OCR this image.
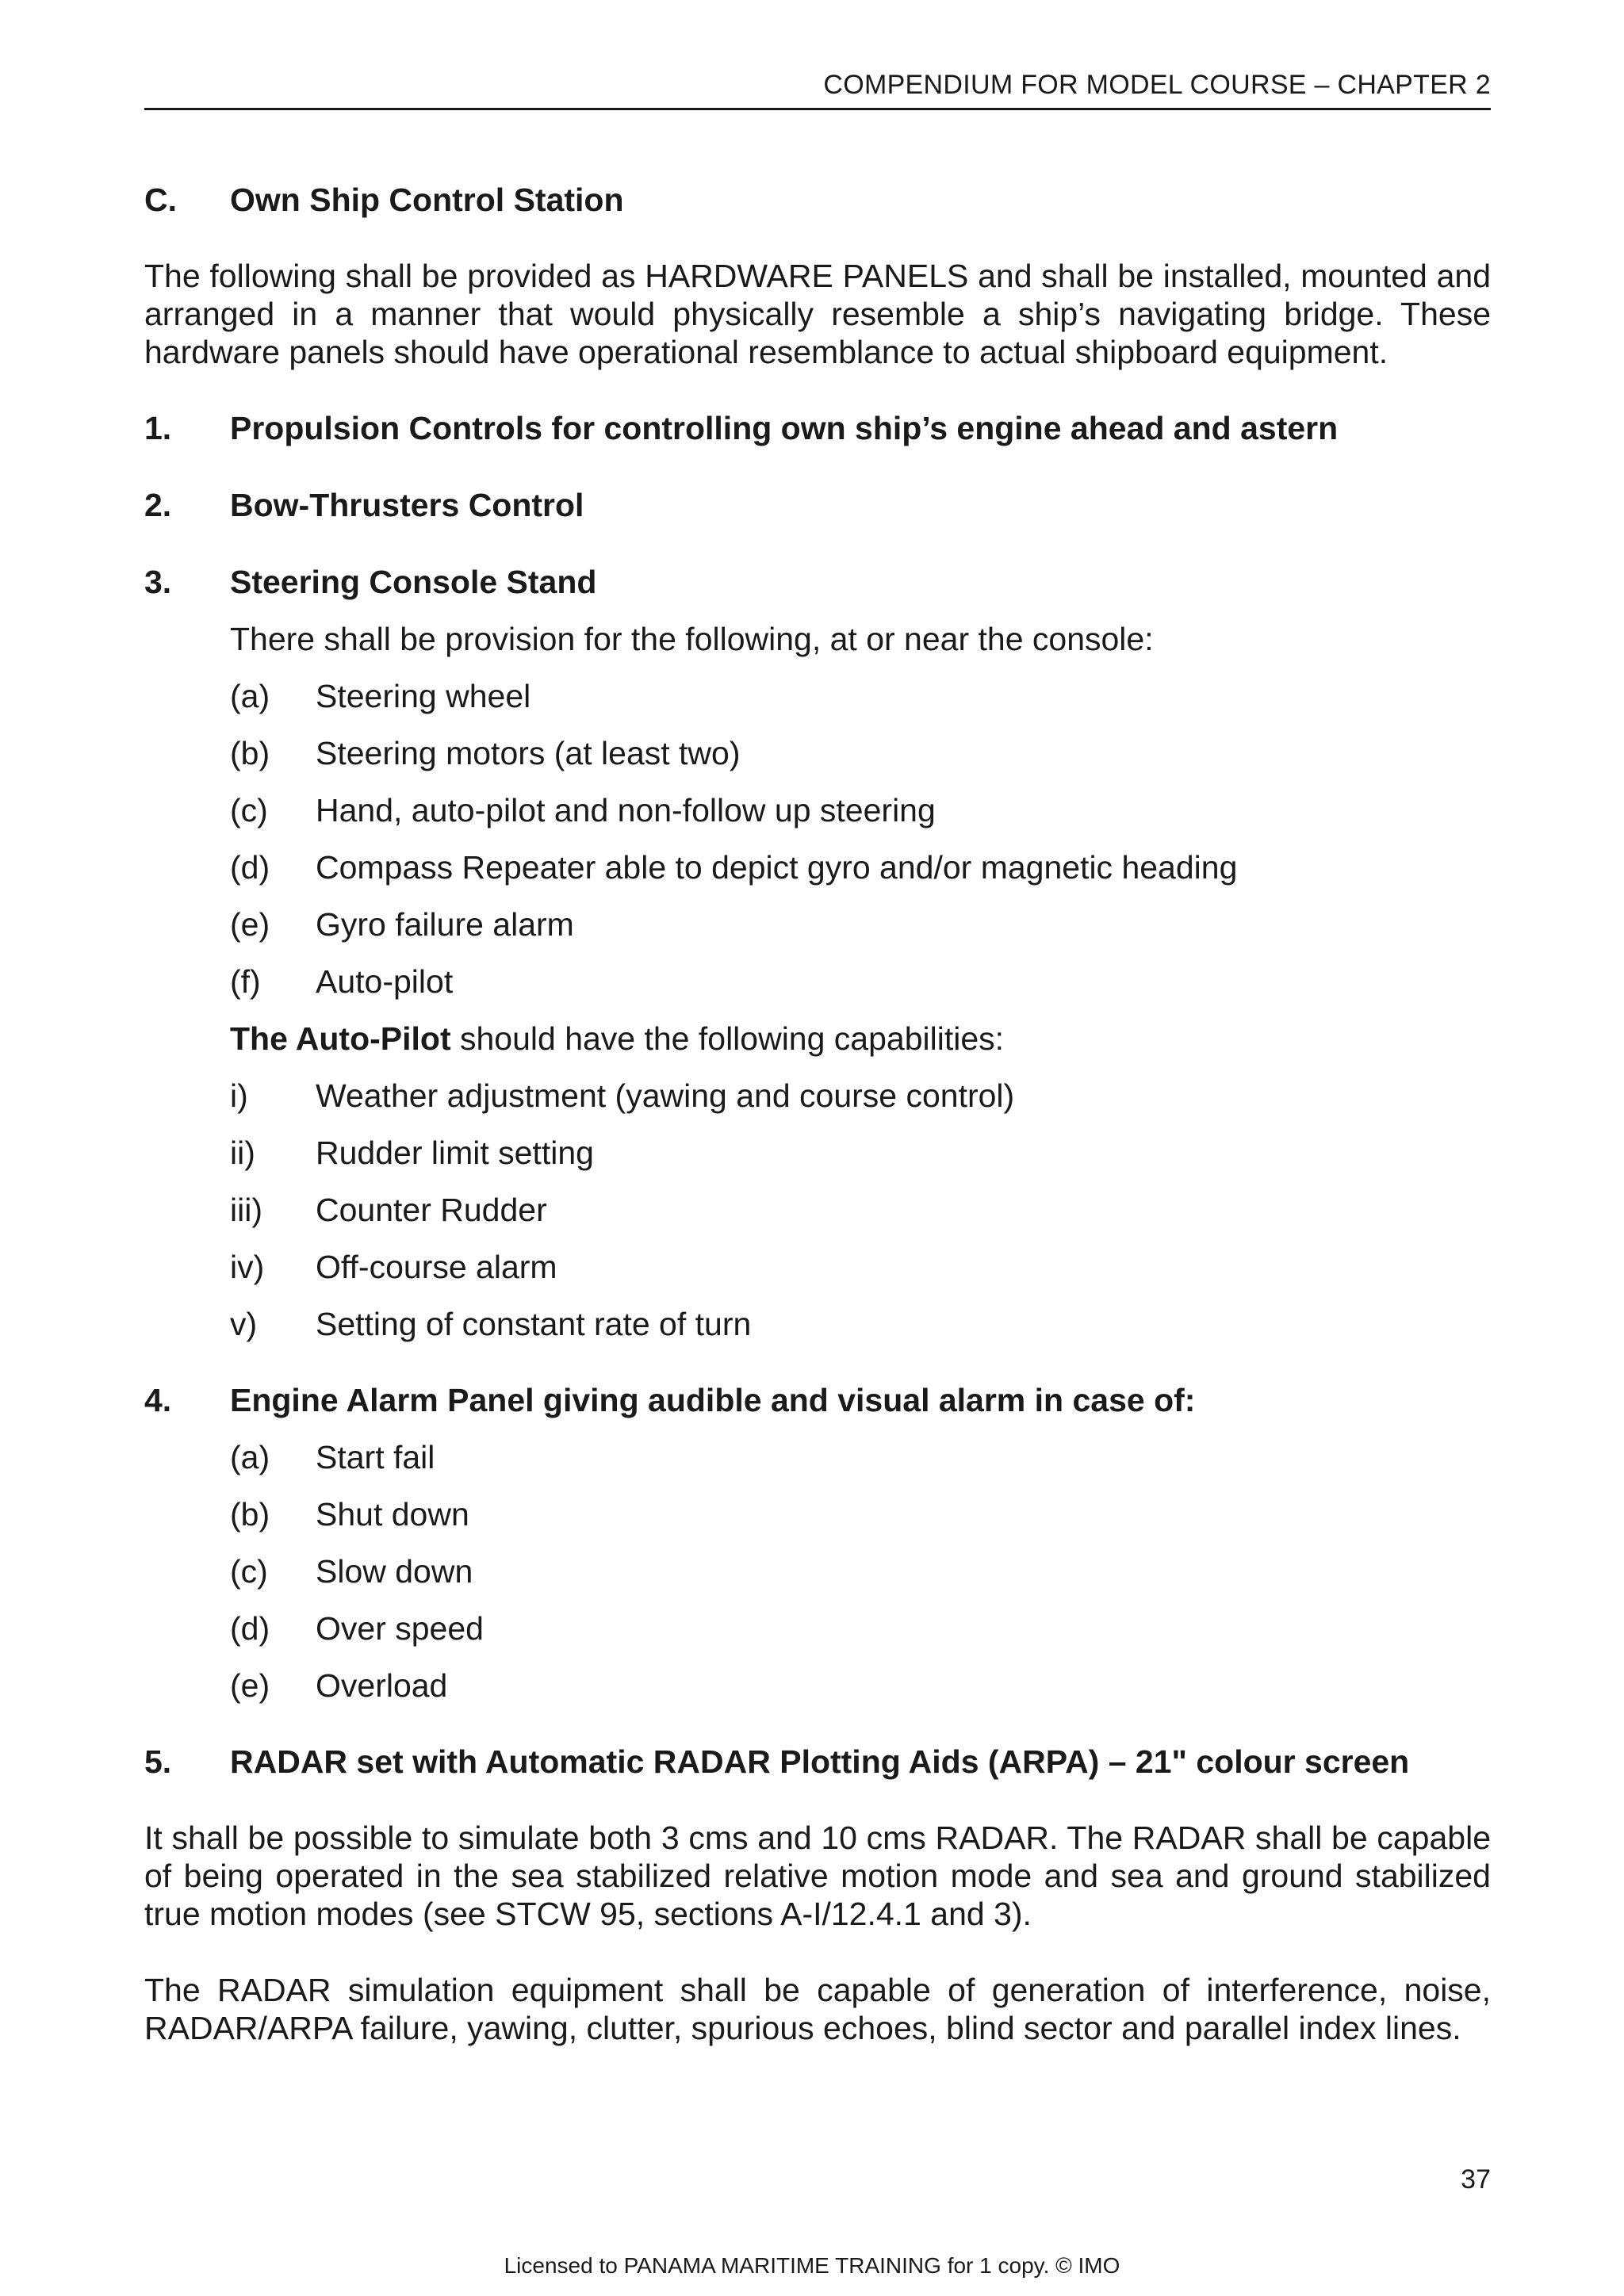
COMPENDIUM FOR MODEL COURSE – CHAPTER 2
C.	Own Ship Control Station

The following shall be provided as HARDWARE PANELS and shall be installed, mounted and arranged in a manner that would physically resemble a ship’s navigating bridge. These hardware panels should have operational resemblance to actual shipboard equipment.

1.	Propulsion Controls for controlling own ship’s engine ahead and astern
2.	Bow-Thrusters Control
3.	Steering Console Stand
There shall be provision for the following, at or near the console:
(a)	Steering wheel
(b)	Steering motors (at least two)
(c)	Hand, auto-pilot and non-follow up steering
(d)	Compass Repeater able to depict gyro and/or magnetic heading
(e)	Gyro failure alarm
(f)	Auto-pilot
The Auto-Pilot should have the following capabilities:
i)	Weather adjustment (yawing and course control)
ii)	Rudder limit setting
iii)	Counter Rudder
iv)	Off-course alarm
v)	Setting of constant rate of turn
4.	Engine Alarm Panel giving audible and visual alarm in case of:
(a)	Start fail
(b)	Shut down
(c)	Slow down
(d)	Over speed
(e)	Overload
5.	RADAR set with Automatic RADAR Plotting Aids (ARPA) – 21" colour screen

It shall be possible to simulate both 3 cms and 10 cms RADAR. The RADAR shall be capable of being operated in the sea stabilized relative motion mode and sea and ground stabilized true motion modes (see STCW 95, sections A-I/12.4.1 and 3).

The RADAR simulation equipment shall be capable of generation of interference, noise, RADAR/ARPA failure, yawing, clutter, spurious echoes, blind sector and parallel index lines.

37
Licensed to PANAMA MARITIME TRAINING for 1 copy. © IMO
